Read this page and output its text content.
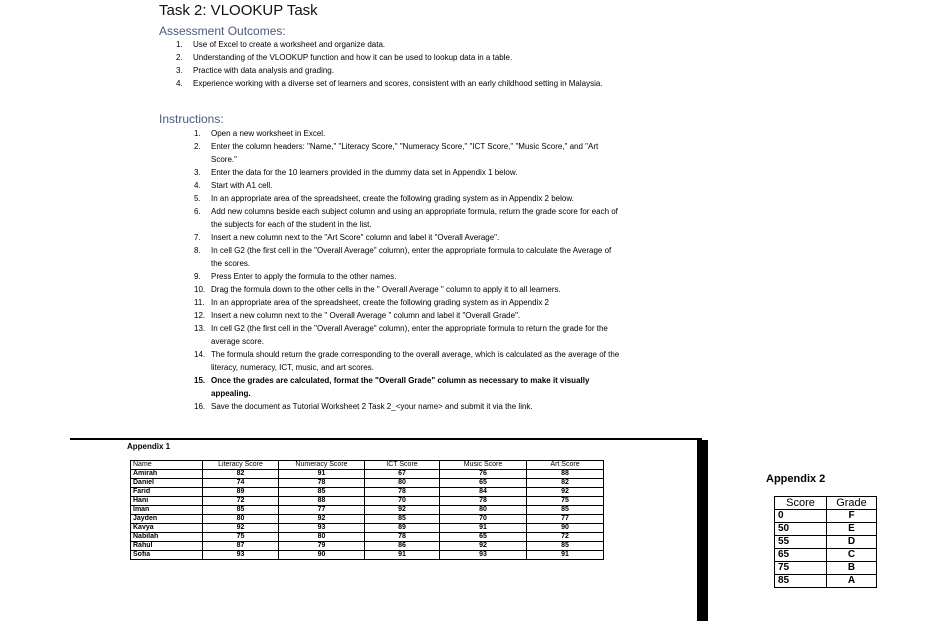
Task 2: VLOOKUP Task
Assessment Outcomes:
1. Use of Excel to create a worksheet and organize data.
2. Understanding of the VLOOKUP function and how it can be used to lookup data in a table.
3. Practice with data analysis and grading.
4. Experience working with a diverse set of learners and scores, consistent with an early childhood setting in Malaysia.
Instructions:
1. Open a new worksheet in Excel.
2. Enter the column headers: "Name," "Literacy Score," "Numeracy Score," "ICT Score," "Music Score," and "Art Score."
3. Enter the data for the 10 learners provided in the dummy data set in Appendix 1 below.
4. Start with A1 cell.
5. In an appropriate area of the spreadsheet, create the following grading system as in Appendix 2 below.
6. Add new columns beside each subject column and using an appropriate formula, return the grade score for each of the subjects for each of the student in the list.
7. Insert a new column next to the "Art Score" column and label it "Overall Average".
8. In cell G2 (the first cell in the "Overall Average" column), enter the appropriate formula to calculate the Average of the scores.
9. Press Enter to apply the formula to the other names.
10. Drag the formula down to the other cells in the " Overall Average " column to apply it to all learners.
11. In an appropriate area of the spreadsheet, create the following grading system as in Appendix 2
12. Insert a new column next to the " Overall Average " column and label it "Overall Grade".
13. In cell G2 (the first cell in the "Overall Average" column), enter the appropriate formula to return the grade for the average score.
14. The formula should return the grade corresponding to the overall average, which is calculated as the average of the literacy, numeracy, ICT, music, and art scores.
15. Once the grades are calculated, format the "Overall Grade" column as necessary to make it visually appealing.
16. Save the document as Tutorial Worksheet 2 Task 2_<your name> and submit it via the link.
Appendix 1
Name	Literacy Score	Numeracy Score	ICT Score	Music Score	Art Score
Amirah	82	91	67	76	88
Daniel	74	78	80	65	82
Farid	89	85	78	84	92
Hani	72	88	70	78	75
Iman	85	77	92	80	85
Jayden	80	92	85	70	77
Kavya	92	93	89	91	90
Nabilah	75	80	78	65	72
Rahul	87	79	86	92	85
Sofia	93	90	91	93	91
Appendix 2
Score	Grade
0	F
50	E
55	D
65	C
75	B
85	A
